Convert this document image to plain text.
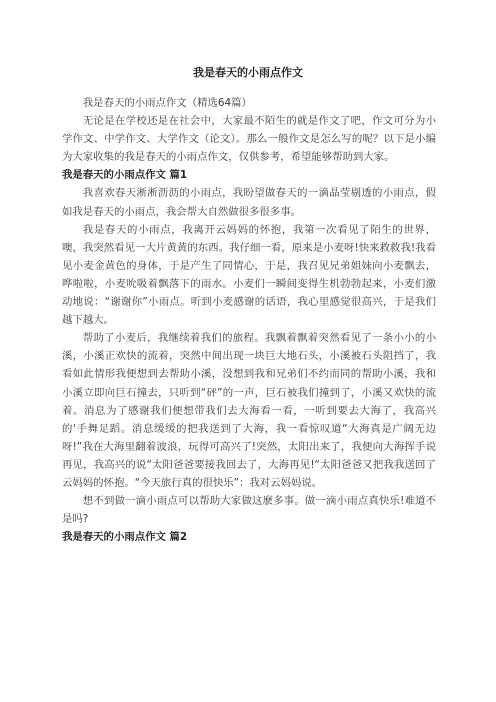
我是春天的小雨点作文

我是春天的小雨点作文（精选64篇）

无论是在学校还是在社会中，大家最不陌生的就是作文了吧，作文可分为小学作文、中学作文、大学作文（论文）。那么一般作文是怎么写的呢？以下是小编为大家收集的我是春天的小雨点作文，仅供参考，希望能够帮助到大家。

我是春天的小雨点作文 篇1

我喜欢春天淅淅沥沥的小雨点，我盼望做春天的一滴晶莹剔透的小雨点，假如我是春天的小雨点，我会帮大自然做很多很多事。

我是春天的小雨点，我离开云妈妈的怀抱，我第一次看见了陌生的世界，噢，我突然看见一大片黄黄的东西。我仔细一看，原来是小麦呀!快来救救我!我看见小麦金黄色的身体，于是产生了同情心，于是，我召见兄弟姐妹向小麦飘去，哗啦啦，小麦吮吸着飘落下的雨水。小麦们一瞬间变得生机勃勃起来，小麦们激动地说：“谢谢你”小雨点。听到小麦感谢的话语，我心里感觉很高兴，于是我们越下越大。

帮助了小麦后，我继续着我们的旅程。我飘着飘着突然看见了一条小小的小溪，小溪正欢快的流着，突然中间出现一块巨大地石头，小溪被石头阻挡了，我看如此情形我便想到去帮助小溪，没想到我和兄弟们不约而同的帮助小溪，我和小溪立即向巨石撞去，只听到“砰”的一声，巨石被我们撞到了，小溪又欢快的流着。消息为了感谢我们便想带我们去大海看一看，一听到要去大海了，我高兴的'手舞足蹈。消息缓缓的把我送到了大海，我一看惊叹道“大海真是广阔无边呀!”我在大海里翻着波浪，玩得可高兴了!突然，太阳出来了，我便向大海挥手说再见，我高兴的说“太阳爸爸要接我回去了，大海再见!“太阳爸爸又把我我送回了云妈妈的怀抱。“今天旅行真的很快乐”：我对云妈妈说。

想不到做一滴小雨点可以帮助大家做这麽多事。做一滴小雨点真快乐!难道不是吗?

我是春天的小雨点作文 篇2
